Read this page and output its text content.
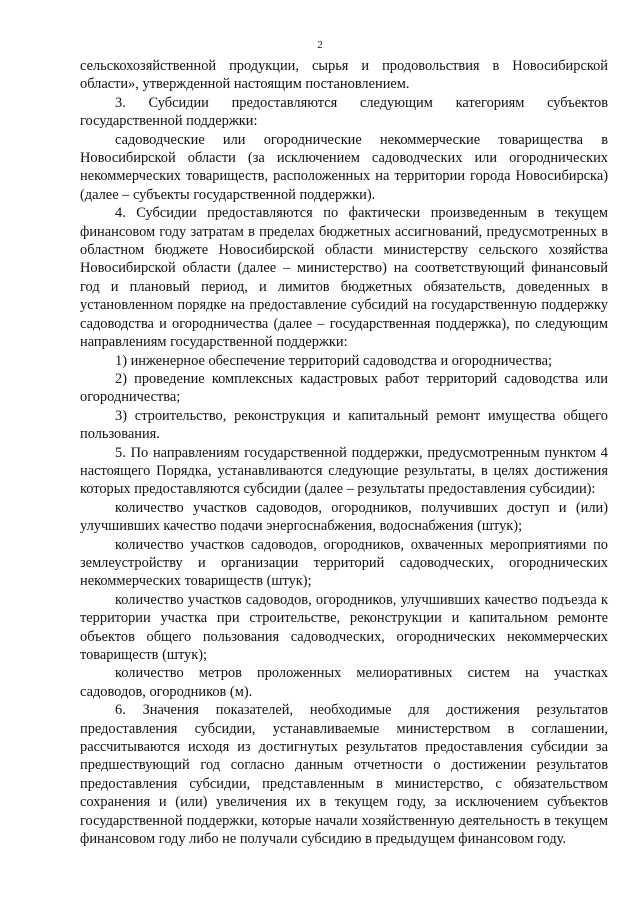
2

сельскохозяйственной продукции, сырья и продовольствия в Новосибирской области», утвержденной настоящим постановлением.

3. Субсидии предоставляются следующим категориям субъектов государственной поддержки:

садоводческие или огороднические некоммерческие товарищества в Новосибирской области (за исключением садоводческих или огороднических некоммерческих товариществ, расположенных на территории города Новосибирска) (далее – субъекты государственной поддержки).

4. Субсидии предоставляются по фактически произведенным в текущем финансовом году затратам в пределах бюджетных ассигнований, предусмотренных в областном бюджете Новосибирской области министерству сельского хозяйства Новосибирской области (далее – министерство) на соответствующий финансовый год и плановый период, и лимитов бюджетных обязательств, доведенных в установленном порядке на предоставление субсидий на государственную поддержку садоводства и огородничества (далее – государственная поддержка), по следующим направлениям государственной поддержки:

1) инженерное обеспечение территорий садоводства и огородничества;

2) проведение комплексных кадастровых работ территорий садоводства или огородничества;

3) строительство, реконструкция и капитальный ремонт имущества общего пользования.

5. По направлениям государственной поддержки, предусмотренным пунктом 4 настоящего Порядка, устанавливаются следующие результаты, в целях достижения которых предоставляются субсидии (далее – результаты предоставления субсидии):

количество участков садоводов, огородников, получивших доступ и (или) улучшивших качество подачи энергоснабжения, водоснабжения (штук);

количество участков садоводов, огородников, охваченных мероприятиями по землеустройству и организации территорий садоводческих, огороднических некоммерческих товариществ (штук);

количество участков садоводов, огородников, улучшивших качество подъезда к территории участка при строительстве, реконструкции и капитальном ремонте объектов общего пользования садоводческих, огороднических некоммерческих товариществ (штук);

количество метров проложенных мелиоративных систем на участках садоводов, огородников (м).

6. Значения показателей, необходимые для достижения результатов предоставления субсидии, устанавливаемые министерством в соглашении, рассчитываются исходя из достигнутых результатов предоставления субсидии за предшествующий год согласно данным отчетности о достижении результатов предоставления субсидии, представленным в министерство, с обязательством сохранения и (или) увеличения их в текущем году, за исключением субъектов государственной поддержки, которые начали хозяйственную деятельность в текущем финансовом году либо не получали субсидию в предыдущем финансовом году.
